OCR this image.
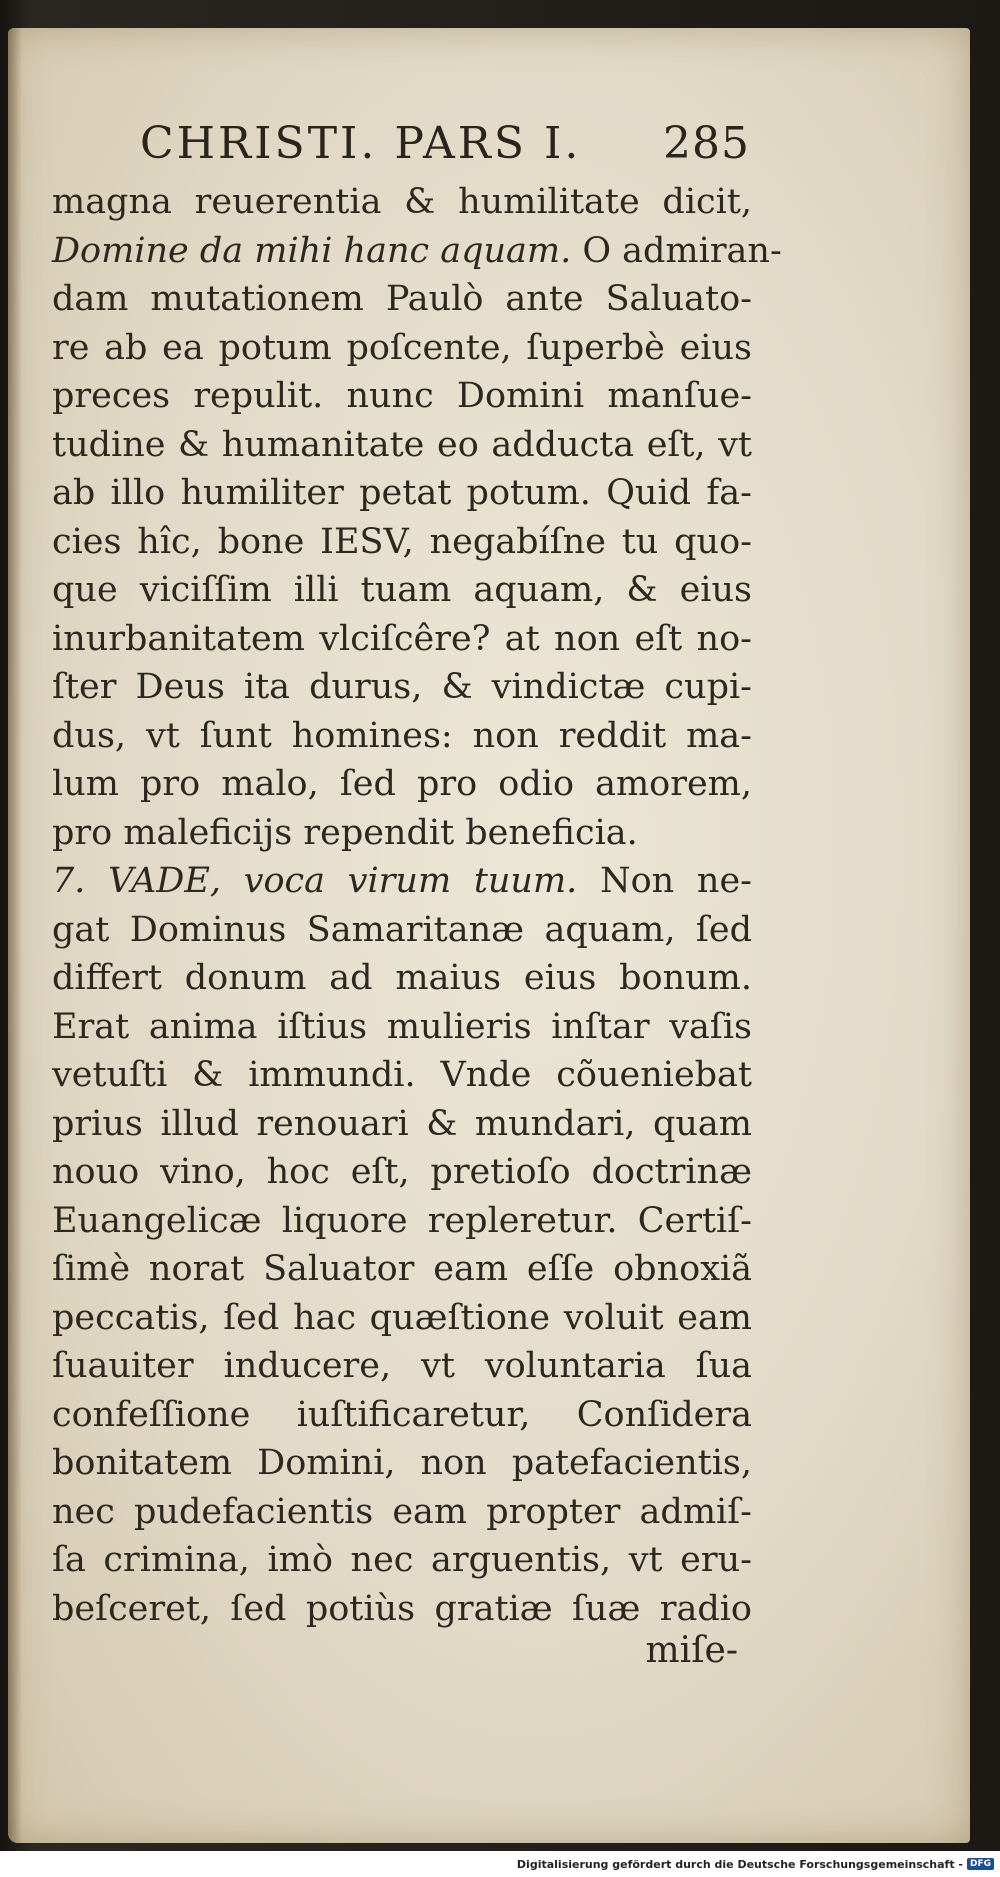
CHRISTI. PARS I.	285
magna reuerentia & humilitate dicit,
Domine da mihi hanc aquam. O admiran-
dam mutationem Paulò ante Saluato-
re ab ea potum poſcente, ſuperbè eius
preces repulit. nunc Domini manſue-
tudine & humanitate eo adducta eſt, vt
ab illo humiliter petat potum. Quid fa-
cies hîc, bone IESV, negabíſne tu quo-
que viciſſim illi tuam aquam, & eius
inurbanitatem vlciſcêre? at non eſt no-
ſter Deus ita durus, & vindictæ cupi-
dus, vt ſunt homines: non reddit ma-
lum pro malo, ſed pro odio amorem,
pro maleficijs rependit beneficia.
7. VADE, voca virum tuum. Non ne-
gat Dominus Samaritanæ aquam, ſed
differt donum ad maius eius bonum.
Erat anima iſtius mulieris inſtar vaſis
vetuſti & immundi. Vnde cõueniebat
prius illud renouari & mundari, quam
nouo vino, hoc eſt, pretioſo doctrinæ
Euangelicæ liquore repleretur. Certiſ-
ſimè norat Saluator eam eſſe obnoxiã
peccatis, ſed hac quæſtione voluit eam
ſuauiter inducere, vt voluntaria ſua
confeſſione iuſtificaretur, Conſidera
bonitatem Domini, non patefacientis,
nec pudefacientis eam propter admiſ-
ſa crimina, imò nec arguentis, vt eru-
beſceret, ſed potiùs gratiæ ſuæ radio
miſe-
Digitalisierung gefördert durch die Deutsche Forschungsgemeinschaft - DFG
